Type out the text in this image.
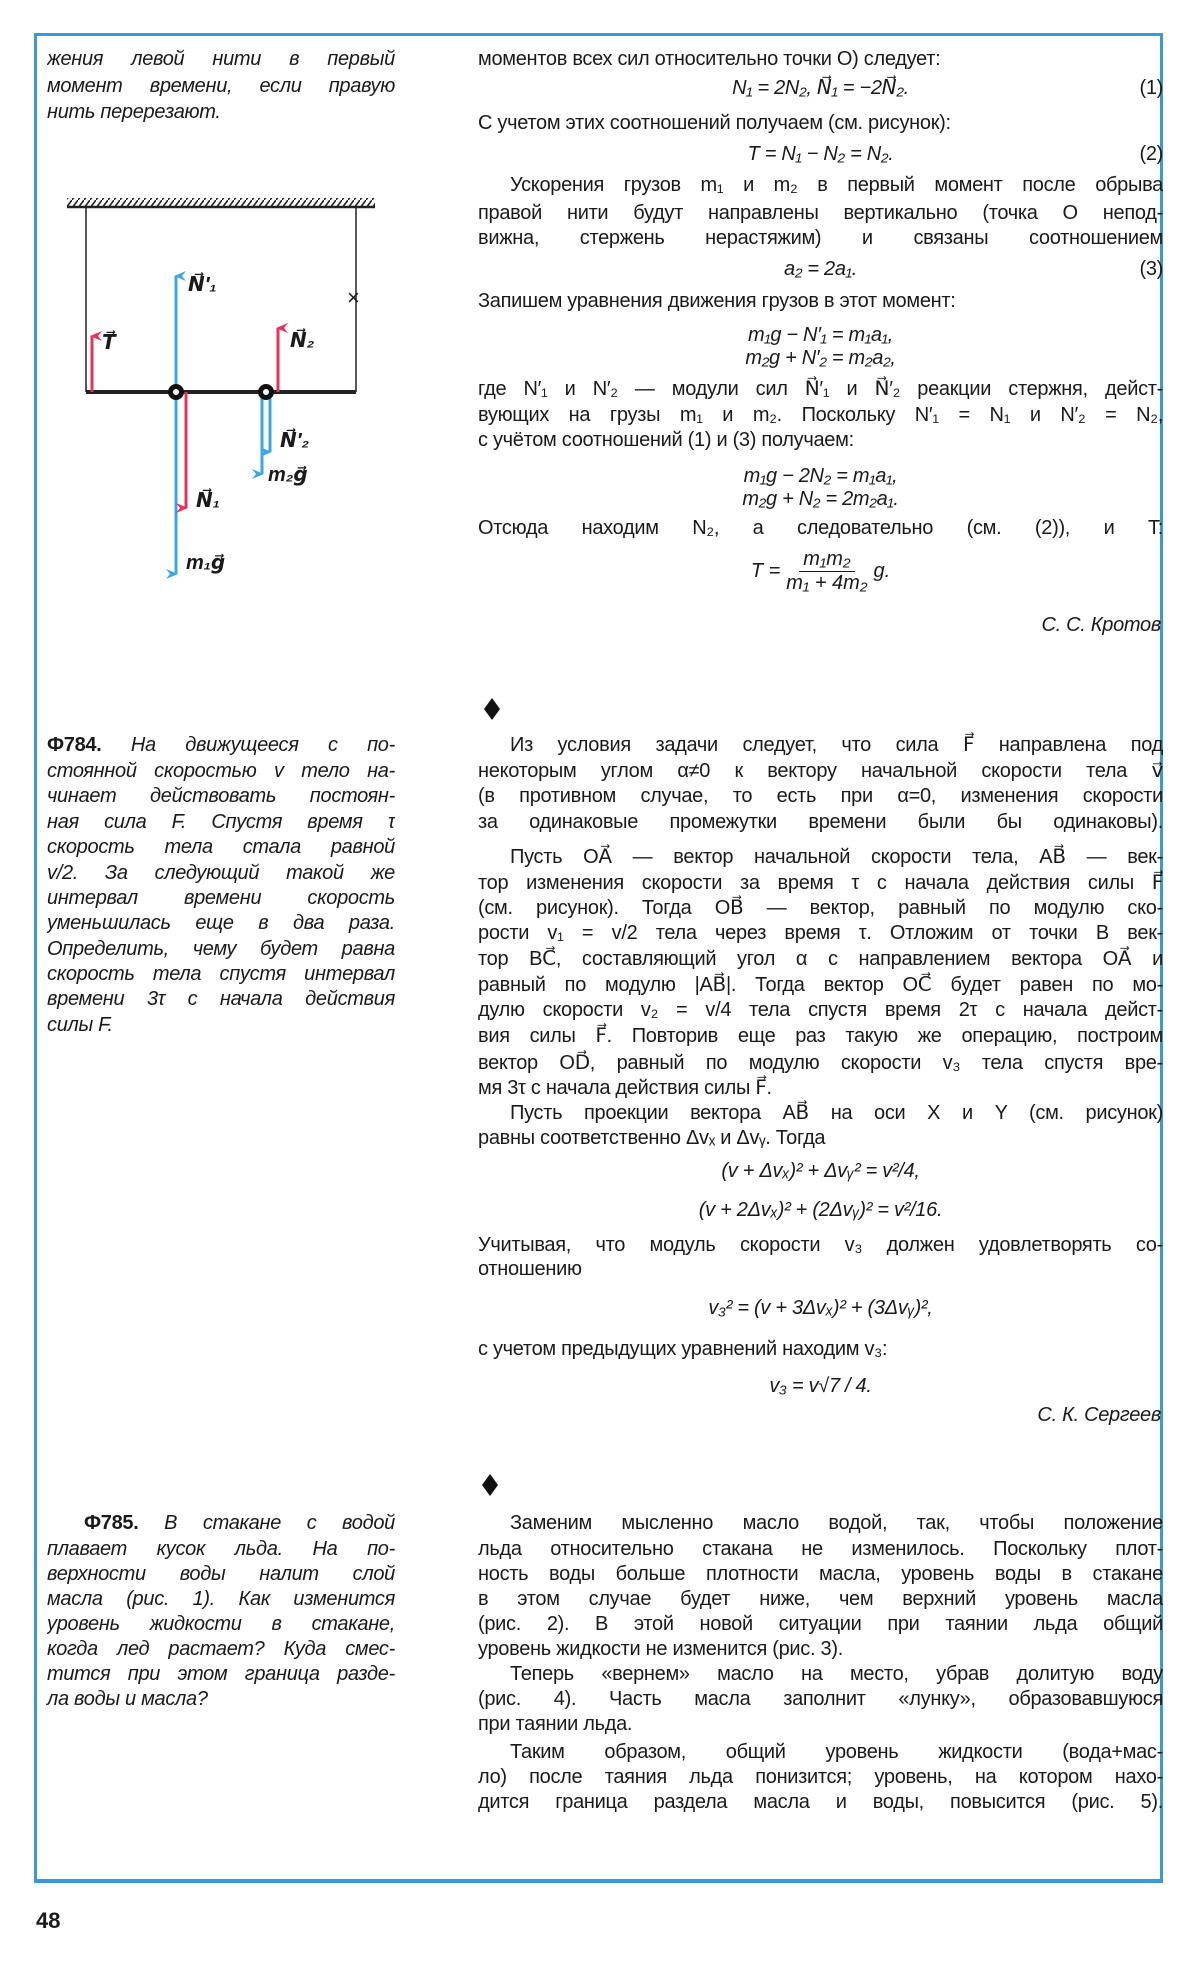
жения левой нити в первый
момент времени, если правую
нить перерезают.
моментов всех сил относительно точки O) следует:
N₁ = 2N₂, N⃗₁ = −2N⃗₂.	(1)
С учетом этих соотношений получаем (см. рисунок):
T = N₁ − N₂ = N₂.	(2)
Ускорения грузов m₁ и m₂ в первый момент после обрыва
правой нити будут направлены вертикально (точка O непод-
вижна, стержень нерастяжим) и связаны соотношением
a₂ = 2a₁.	(3)
Запишем уравнения движения грузов в этот момент:
m₁g − N′₁ = m₁a₁,
m₂g + N′₂ = m₂a₂,
где N′₁ и N′₂ — модули сил N⃗′₁ и N⃗′₂ реакции стержня, дейст-
вующих на грузы m₁ и m₂. Поскольку N′₁ = N₁ и N′₂ = N₂,
с учётом соотношений (1) и (3) получаем:
m₁g − 2N₂ = m₁a₁,
m₂g + N₂ = 2m₂a₁.
Отсюда находим N₂, а следовательно (см. (2)), и T:
Ф784. На движущееся с по-
стоянной скоростью v тело на-
чинает действовать постоян-
ная сила F. Спустя время τ
скорость тела стала равной
v/2. За следующий такой же
интервал времени скорость
уменьшилась еще в два раза.
Определить, чему будет равна
скорость тела спустя интервал
времени 3τ с начала действия
силы F.
Из условия задачи следует, что сила F⃗ направлена под
некоторым углом α≠0 к вектору начальной скорости тела v⃗
(в противном случае, то есть при α=0, изменения скорости
за одинаковые промежутки времени были бы одинаковы).
Пусть OA⃗ — вектор начальной скорости тела, AB⃗ — век-
тор изменения скорости за время τ с начала действия силы F⃗
(см. рисунок). Тогда OB⃗ — вектор, равный по модулю ско-
рости v₁ = v/2 тела через время τ. Отложим от точки B век-
тор BC⃗, составляющий угол α с направлением вектора OA⃗ и
равный по модулю |AB⃗|. Тогда вектор OC⃗ будет равен по мо-
дулю скорости v₂ = v/4 тела спустя время 2τ с начала дейст-
вия силы F⃗. Повторив еще раз такую же операцию, построим
вектор OD⃗, равный по модулю скорости v₃ тела спустя вре-
мя 3τ с начала действия силы F⃗.
Пусть проекции вектора AB⃗ на оси X и Y (см. рисунок)
равны соответственно Δvₓ и Δvᵧ. Тогда
(v + Δvₓ)² + Δvᵧ² = v²/4,
(v + 2Δvₓ)² + (2Δvᵧ)² = v²/16.
Учитывая, что модуль скорости v₃ должен удовлетворять со-
отношению
v₃² = (v + 3Δvₓ)² + (3Δvᵧ)²,
с учетом предыдущих уравнений находим v₃:
v₃ = v√7 / 4.
Ф785. В стакане с водой
плавает кусок льда. На по-
верхности воды налит слой
масла (рис. 1). Как изменится
уровень жидкости в стакане,
когда лед растает? Куда смес-
тится при этом граница разде-
ла воды и масла?
Заменим мысленно масло водой, так, чтобы положение
льда относительно стакана не изменилось. Поскольку плот-
ность воды больше плотности масла, уровень воды в стакане
в этом случае будет ниже, чем верхний уровень масла
(рис. 2). В этой новой ситуации при таянии льда общий
уровень жидкости не изменится (рис. 3).
Теперь «вернем» масло на место, убрав долитую воду
(рис. 4). Часть масла заполнит «лунку», образовавшуюся
при таянии льда.
Таким образом, общий уровень жидкости (вода+мас-
ло) после таяния льда понизится; уровень, на котором нахо-
дится граница раздела масла и воды, повысится (рис. 5).
×
T⃗
N⃗′₁
N⃗₂
N⃗′₂
m₂g⃗
N⃗₁
m₁g⃗	$T = \frac{\text{m₁m₂}}{\text{m₁ + 4m₂}} g$.
С. С. Кротов
С. К. Сергеев
48
